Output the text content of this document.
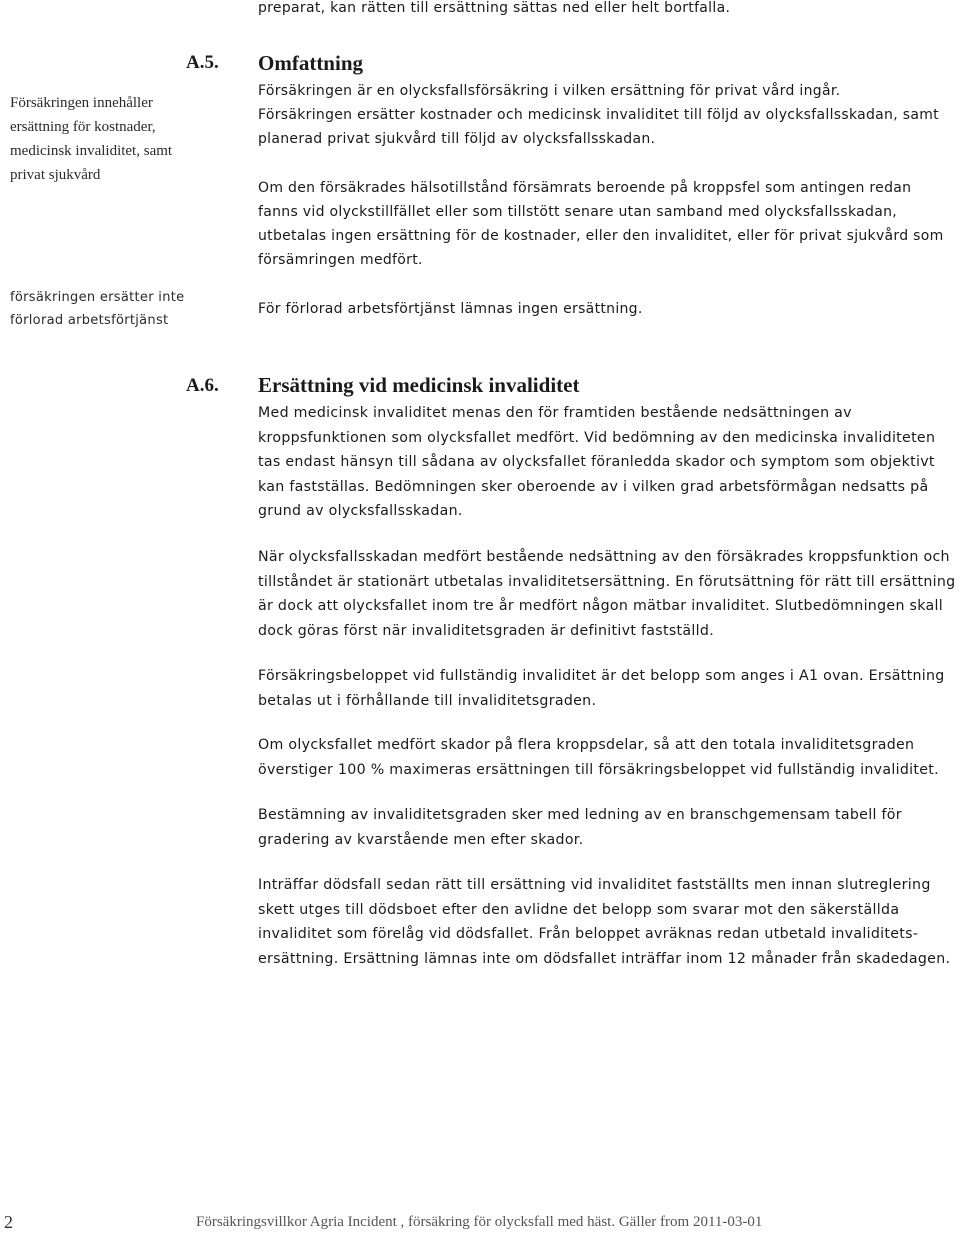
preparat, kan rätten till ersättning sättas ned eller helt bortfalla.
Försäkringen innehåller
ersättning för kostnader,
medicinsk invaliditet, samt
privat sjukvård
försäkringen ersätter inte
förlorad arbetsförtjänst
A.5. Omfattning

Försäkringen är en olycksfallsförsäkring i vilken ersättning för privat vård ingår.

Försäkringen ersätter kostnader och medicinsk invaliditet till följd av olycksfallsskadan, samt

planerad privat sjukvård till följd av olycksfallsskadan.

Om den försäkrades hälsotillstånd försämrats beroende på kroppsfel som antingen redan

fanns vid olyckstillfället eller som tillstött senare utan samband med olycksfallsskadan,

utbetalas ingen ersättning för de kostnader, eller den invaliditet, eller för privat sjukvård som

försämringen medfört.

För förlorad arbetsförtjänst lämnas ingen ersättning.

A.6. Ersättning vid medicinsk invaliditet

Med medicinsk invaliditet menas den för framtiden bestående nedsättningen av

kroppsfunktionen som olycksfallet medfört. Vid bedömning av den medicinska invaliditeten

tas endast hänsyn till sådana av olycksfallet föranledda skador och symptom som objektivt

kan fastställas. Bedömningen sker oberoende av i vilken grad arbetsförmågan nedsatts på

grund av olycksfallsskadan.

När olycksfallsskadan medfört bestående nedsättning av den försäkrades kroppsfunktion och

tillståndet är stationärt utbetalas invaliditetsersättning. En förutsättning för rätt till ersättning

är dock att olycksfallet inom tre år medfört någon mätbar invaliditet. Slutbedömningen skall

dock göras först när invaliditetsgraden är definitivt fastställd.

Försäkringsbeloppet vid fullständig invaliditet är det belopp som anges i A1 ovan. Ersättning

betalas ut i förhållande till invaliditetsgraden.

Om olycksfallet medfört skador på flera kroppsdelar, så att den totala invaliditetsgraden

överstiger 100 % maximeras ersättningen till försäkringsbeloppet vid fullständig invaliditet.

Bestämning av invaliditetsgraden sker med ledning av en branschgemensam tabell för

gradering av kvarstående men efter skador.

Inträffar dödsfall sedan rätt till ersättning vid invaliditet fastställts men innan slutreglering

skett utges till dödsboet efter den avlidne det belopp som svarar mot den säkerställda

invaliditet som förelåg vid dödsfallet. Från beloppet avräknas redan utbetald invaliditets-

ersättning. Ersättning lämnas inte om dödsfallet inträffar inom 12 månader från skadedagen.

2	Försäkringsvillkor Agria Incident , försäkring för olycksfall med häst. Gäller from 2011-03-01
